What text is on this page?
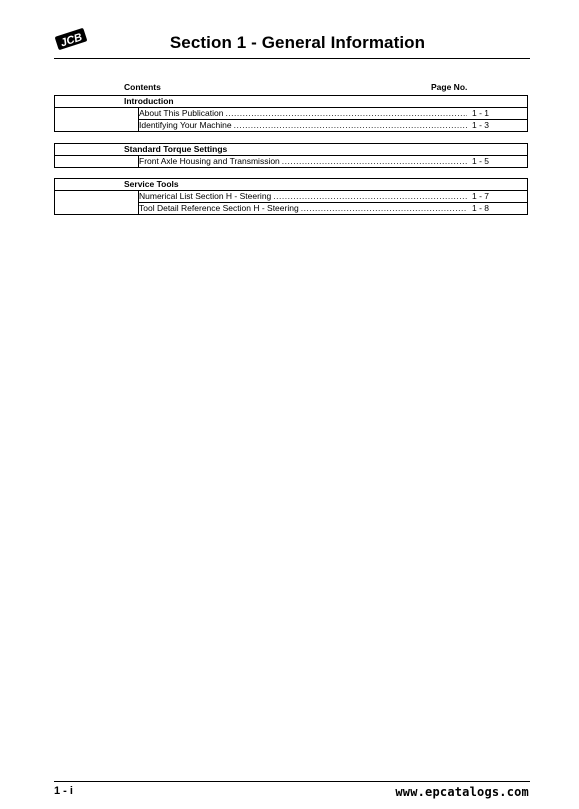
JCB	Section 1 - General Information
Contents	Page No.
Introduction
About This Publication .....	1 - 1
Identifying Your Machine .....	1 - 3
Standard Torque Settings
Front Axle Housing and Transmission .....	1 - 5
Service Tools
Numerical List Section H - Steering .....	1 - 7
Tool Detail Reference Section H - Steering .....	1 - 8
1 - i	www.epcatalogs.com
